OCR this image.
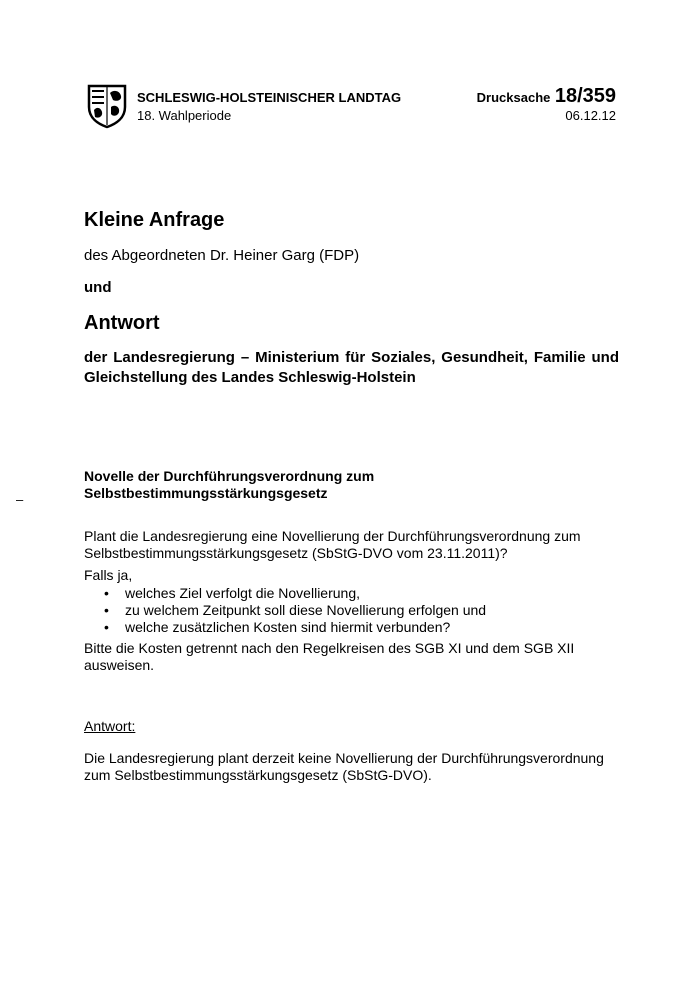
SCHLESWIG-HOLSTEINISCHER LANDTAG
18. Wahlperiode
Drucksache 18/359
06.12.12
Kleine Anfrage
des Abgeordneten Dr. Heiner Garg (FDP)
und
Antwort
der Landesregierung – Ministerium für Soziales, Gesundheit, Familie und Gleichstellung des Landes Schleswig-Holstein
–
Novelle der Durchführungsverordnung zum
Selbstbestimmungsstärkungsgesetz
Plant die Landesregierung eine Novellierung der Durchführungsverordnung zum Selbstbestimmungsstärkungsgesetz (SbStG-DVO vom 23.11.2011)?
Falls ja,
• welches Ziel verfolgt die Novellierung,
• zu welchem Zeitpunkt soll diese Novellierung erfolgen und
• welche zusätzlichen Kosten sind hiermit verbunden?
Bitte die Kosten getrennt nach den Regelkreisen des SGB XI und dem SGB XII ausweisen.
Antwort:
Die Landesregierung plant derzeit keine Novellierung der Durchführungsverordnung zum Selbstbestimmungsstärkungsgesetz (SbStG-DVO).
